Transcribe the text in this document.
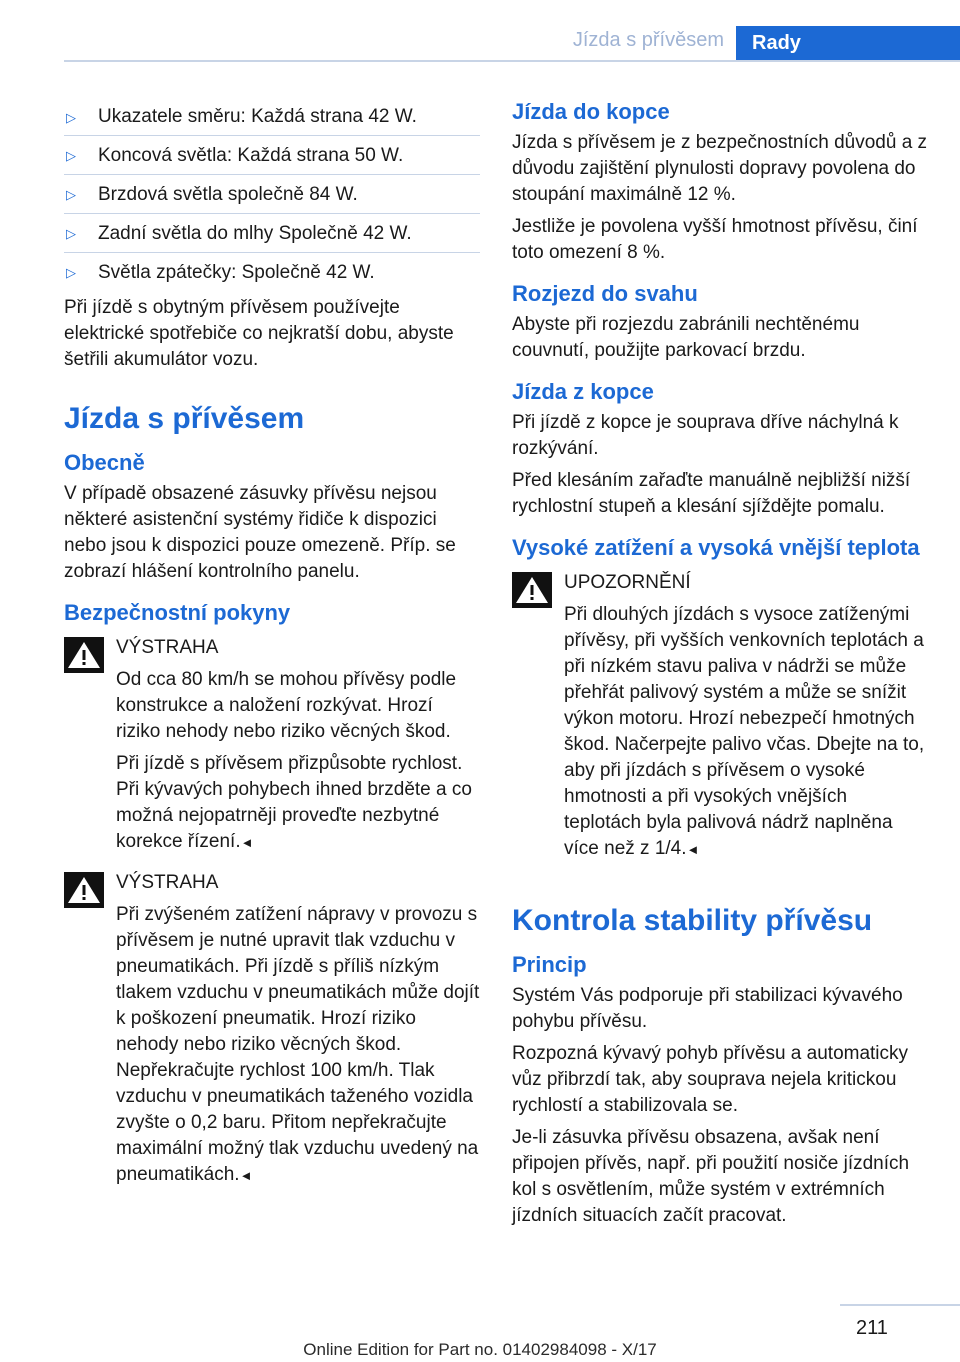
Jízda s přívěsem	Rady
▷ Ukazatele směru: Každá strana 42 W.
▷ Koncová světla: Každá strana 50 W.
▷ Brzdová světla společně 84 W.
▷ Zadní světla do mlhy Společně 42 W.
▷ Světla zpátečky: Společně 42 W.

Při jízdě s obytným přívěsem používejte elektrické spotřebiče co nejkratší dobu, abyste šetřili akumulátor vozu.

Jízda s přívěsem
Obecně

V případě obsazené zásuvky přívěsu nejsou některé asistenční systémy řidiče k dispozici nebo jsou k dispozici pouze omezeně. Příp. se zobrazí hlášení kontrolního panelu.

Bezpečnostní pokyny
VÝSTRAHA

Od cca 80 km/h se mohou přívěsy podle konstrukce a naložení rozkývat. Hrozí riziko nehody nebo riziko věcných škod.

Při jízdě s přívěsem přizpůsobte rychlost. Při kývavých pohybech ihned brzděte a co možná nejopatrněji proveďte nezbytné korekce řízení.◄

VÝSTRAHA

Při zvýšeném zatížení nápravy v provozu s přívěsem je nutné upravit tlak vzduchu v pneumatikách. Při jízdě s příliš nízkým tlakem vzduchu v pneumatikách může dojít k poškození pneumatik. Hrozí riziko nehody nebo riziko věcných škod. Nepřekračujte rychlost 100 km/h. Tlak vzduchu v pneumatikách taženého vozidla zvyšte o 0,2 baru. Přitom nepřekračujte maximální možný tlak vzduchu uvedený na pneumatikách.◄

Jízda do kopce

Jízda s přívěsem je z bezpečnostních důvodů a z důvodu zajištění plynulosti dopravy povolena do stoupání maximálně 12 %.

Jestliže je povolena vyšší hmotnost přívěsu, činí toto omezení 8 %.

Rozjezd do svahu

Abyste při rozjezdu zabránili nechtěnému couvnutí, použijte parkovací brzdu.

Jízda z kopce

Při jízdě z kopce je souprava dříve náchylná k rozkývání.

Před klesáním zařaďte manuálně nejbližší nižší rychlostní stupeň a klesání sjíždějte pomalu.

Vysoké zatížení a vysoká vnější teplota
UPOZORNĚNÍ

Při dlouhých jízdách s vysoce zatíženými přívěsy, při vyšších venkovních teplotách a při nízkém stavu paliva v nádrži se může přehřát palivový systém a může se snížit výkon motoru. Hrozí nebezpečí hmotných škod. Načerpejte palivo včas. Dbejte na to, aby při jízdách s přívěsem o vysoké hmotnosti a při vysokých vnějších teplotách byla palivová nádrž naplněna více než z 1/4.◄

Kontrola stability přívěsu
Princip

Systém Vás podporuje při stabilizaci kývavého pohybu přívěsu.

Rozpozná kývavý pohyb přívěsu a automaticky vůz přibrzdí tak, aby souprava nejela kritickou rychlostí a stabilizovala se.

Je-li zásuvka přívěsu obsazena, avšak není připojen přívěs, např. při použití nosiče jízdních kol s osvětlením, může systém v extrémních jízdních situacích začít pracovat.

211
Online Edition for Part no. 01402984098 - X/17
